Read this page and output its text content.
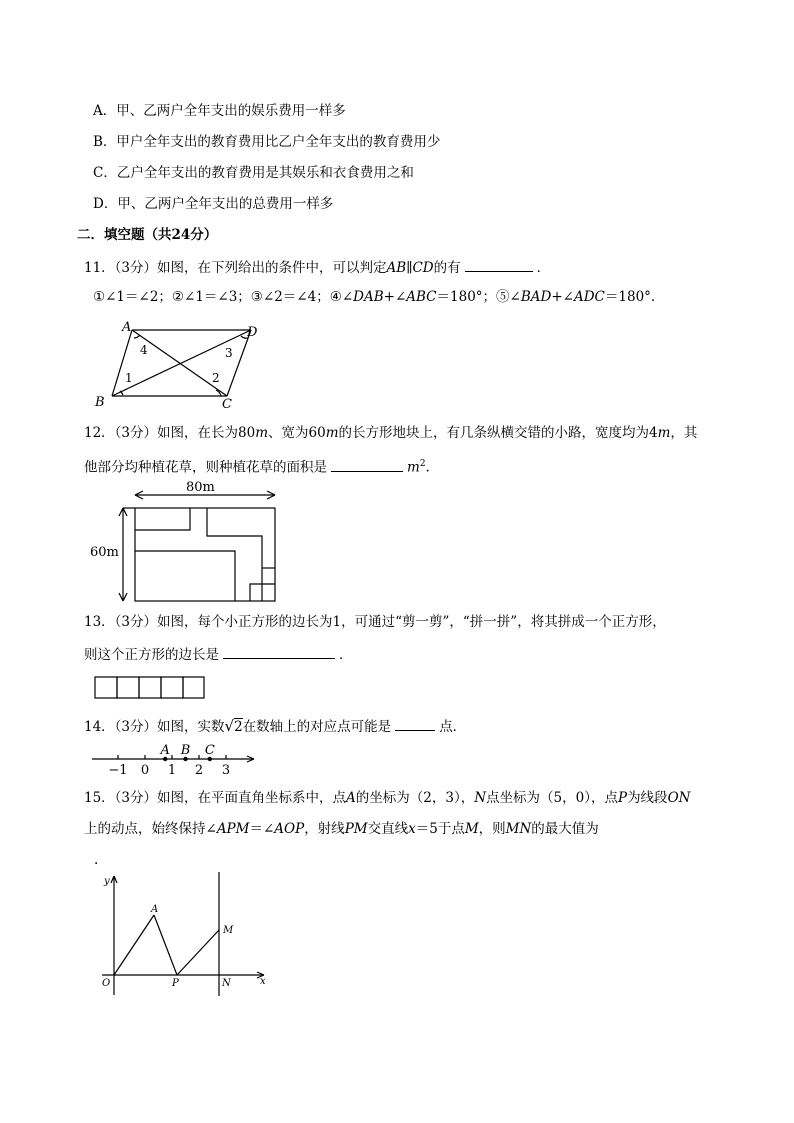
A．甲、乙两户全年支出的娱乐费用一样多
B．甲户全年支出的教育费用比乙户全年支出的教育费用少
C．乙户全年支出的教育费用是其娱乐和衣食费用之和
D．甲、乙两户全年支出的总费用一样多
二．填空题（共24分）
11．（3分）如图，在下列给出的条件中，可以判定AB∥CD的有	．
①∠1＝∠2；②∠1＝∠3；③∠2＝∠4；④∠DAB+∠ABC＝180°；⑤∠BAD+∠ADC＝180°．
A
B	C
D
1	2
3
4
12．（3分）如图，在长为80m、宽为60m的长方形地块上，有几条纵横交错的小路，宽度均为4m，其
他部分均种植花草，则种植花草的面积是	$m^2$.
80m
60m
13．（3分）如图，每个小正方形的边长为1，可通过“剪一剪”，“拼一拼”，将其拼成一个正方形，
则这个正方形的边长是	．
14．（3分）如图，实数√2在数轴上的对应点可能是	点．
−1 0 1 2 3
A B C
15．（3分）如图，在平面直角坐标系中，点A的坐标为（2，3），N点坐标为（5，0），点P为线段ON
上的动点，始终保持∠APM＝∠AOP，射线PM交直线x＝5于点M，则MN的最大值为
.
y
x
O
A
P	N
M
